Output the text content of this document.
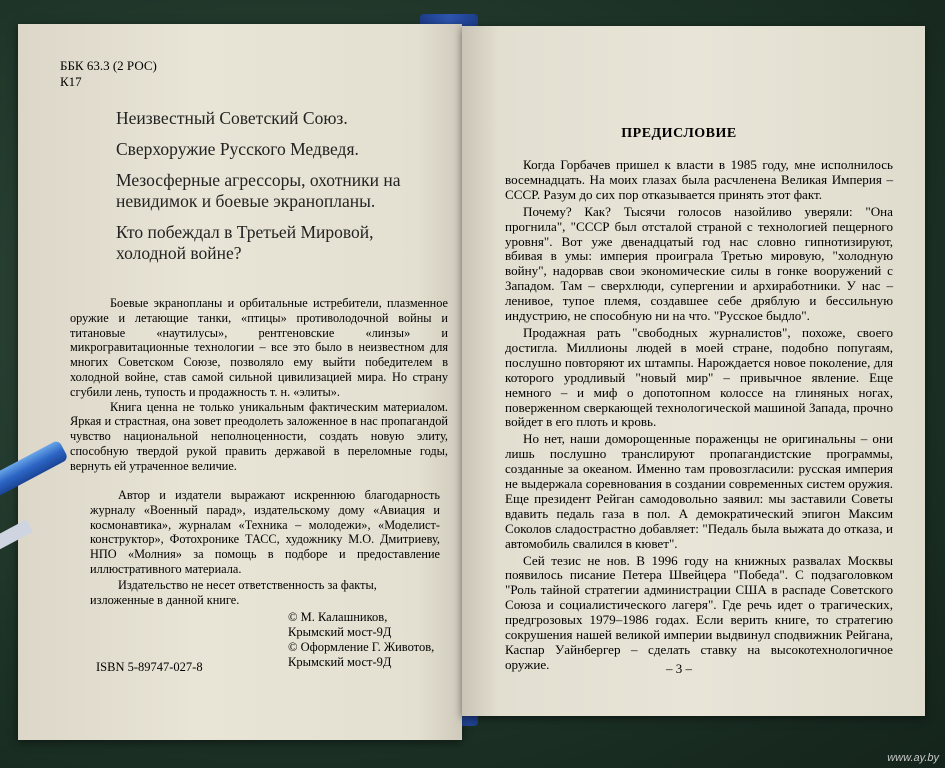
ББК 63.3 (2 РОС)
К17

Неизвестный Советский Союз.

Сверхоружие Русского Медведя.

Мезосферные агрессоры, охотники на невидимок и боевые экранопланы.

Кто побеждал в Третьей Мировой, холодной войне?

Боевые экранопланы и орбитальные истребители, плазменное оружие и летающие танки, «птицы» противолодочной войны и титановые «наутилусы», рентгеновские «линзы» и микрогравитационные технологии – все это было в неизвестном для многих Советском Союзе, позволяло ему выйти победителем в холодной войне, став самой сильной цивилизацией мира. Но страну сгубили лень, тупость и продажность т. н. «элиты».

Книга ценна не только уникальным фактическим материалом. Яркая и страстная, она зовет преодолеть заложенное в нас пропагандой чувство национальной неполноценности, создать новую элиту, способную твердой рукой править державой в переломные годы, вернуть ей утраченное величие.

Автор и издатели выражают искреннюю благодарность журналу «Военный парад», издательскому дому «Авиация и космонавтика», журналам «Техника – молодежи», «Моделист-конструктор», Фотохронике ТАСС, художнику М.О. Дмитриеву, НПО «Молния» за помощь в подборе и предоставление иллюстративного материала.

Издательство не несет ответственность за факты, изложенные в данной книге.

© М. Калашников,
Крымский мост-9Д
© Оформление Г. Животов,
Крымский мост-9Д
ISBN 5-89747-027-8
ПРЕДИСЛОВИЕ

Когда Горбачев пришел к власти в 1985 году, мне исполнилось восемнадцать. На моих глазах была расчленена Великая Империя – СССР. Разум до сих пор отказывается принять этот факт.

Почему? Как? Тысячи голосов назойливо уверяли: "Она прогнила", "СССР был отсталой страной с технологией пещерного уровня". Вот уже двенадцатый год нас словно гипнотизируют, вбивая в умы: империя проиграла Третью мировую, "холодную войну", надорвав свои экономические силы в гонке вооружений с Западом. Там – сверхлюди, супергении и архиработники. У нас – ленивое, тупое племя, создавшее себе дряблую и бессильную индустрию, не способную ни на что. "Русское быдло".

Продажная рать "свободных журналистов", похоже, своего достигла. Миллионы людей в моей стране, подобно попугаям, послушно повторяют их штампы. Нарождается новое поколение, для которого уродливый "новый мир" – привычное явление. Еще немного – и миф о допотопном колоссе на глиняных ногах, поверженном сверкающей технологической машиной Запада, прочно войдет в его плоть и кровь.

Но нет, наши доморощенные пораженцы не оригинальны – они лишь послушно транслируют пропагандистские программы, созданные за океаном. Именно там провозгласили: русская империя не выдержала соревнования в создании современных систем оружия. Еще президент Рейган самодовольно заявил: мы заставили Советы вдавить педаль газа в пол. А демократический эпигон Максим Соколов сладострастно добавляет: "Педаль была выжата до отказа, и автомобиль свалился в кювет".

Сей тезис не нов. В 1996 году на книжных развалах Москвы появилось писание Петера Швейцера "Победа". С подзаголовком "Роль тайной стратегии администрации США в распаде Советского Союза и социалистического лагеря". Где речь идет о трагических, предгрозовых 1979–1986 годах. Если верить книге, то стратегию сокрушения нашей великой империи выдвинул сподвижник Рейгана, Каспар Уайнбергер – сделать ставку на высокотехнологичное оружие.	– 3 –
www.ay.by
